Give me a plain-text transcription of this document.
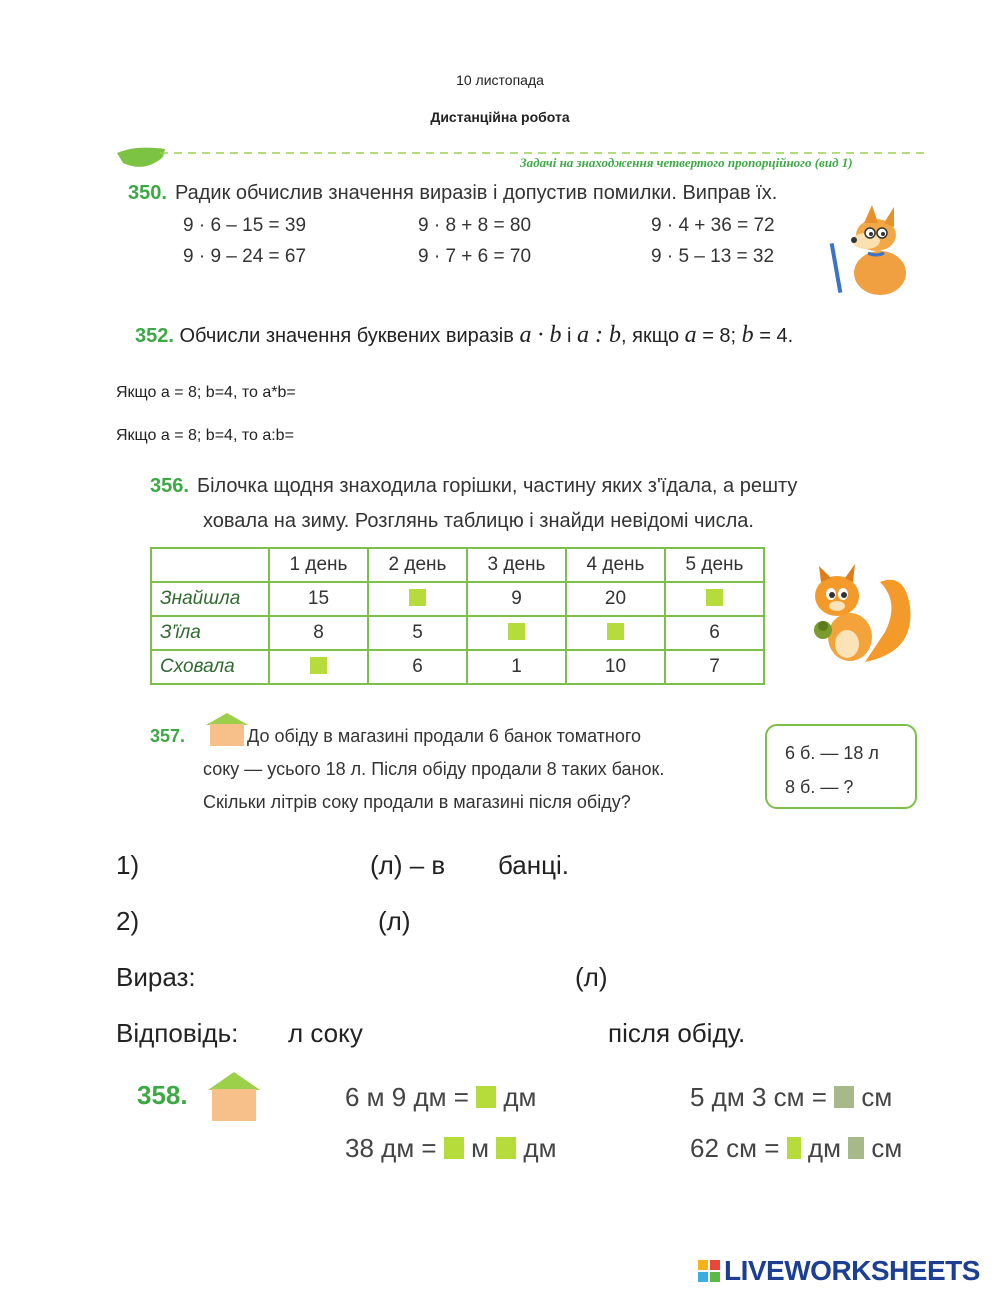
10 листопада
Дистанційна робота
Задачі на знаходження четвертого пропорційного (вид 1)
350. Радик обчислив значення виразів і допустив помилки. Виправ їх.
9 · 6 – 15 = 39	9 · 8 + 8 = 80	9 · 4 + 36 = 72
9 · 9 – 24 = 67	9 · 7 + 6 = 70	9 · 5 – 13 = 32
352. Обчисли значення буквених виразів a · b і a : b, якщо a = 8; b = 4.
Якщо a = 8; b=4, то a*b=
Якщо a = 8; b=4, то a:b=
356. Білочка щодня знаходила горішки, частину яких з'їдала, а решту
ховала на зиму. Розглянь таблицю і знайди невідомі числа.
	1 день	2 день	3 день	4 день	5 день
Знайшла	15		9	20	
З'їла	8	5			6
Сховала		6	1	10	7
357.	До обіду в магазині продали 6 банок томатного
соку — усього 18 л. Після обіду продали 8 таких банок.
Скільки літрів соку продали в магазині після обіду?
6 б. — 18 л
8 б. — ?
1)	(л) – в банці.
2)	(л)
Вираз:	(л)
Відповідь: л соку	після обіду.
358.	6 м 9 дм = дм
38 дм = м дм
5 дм 3 см = см
62 см = дм см
LIVEWORKSHEETS
